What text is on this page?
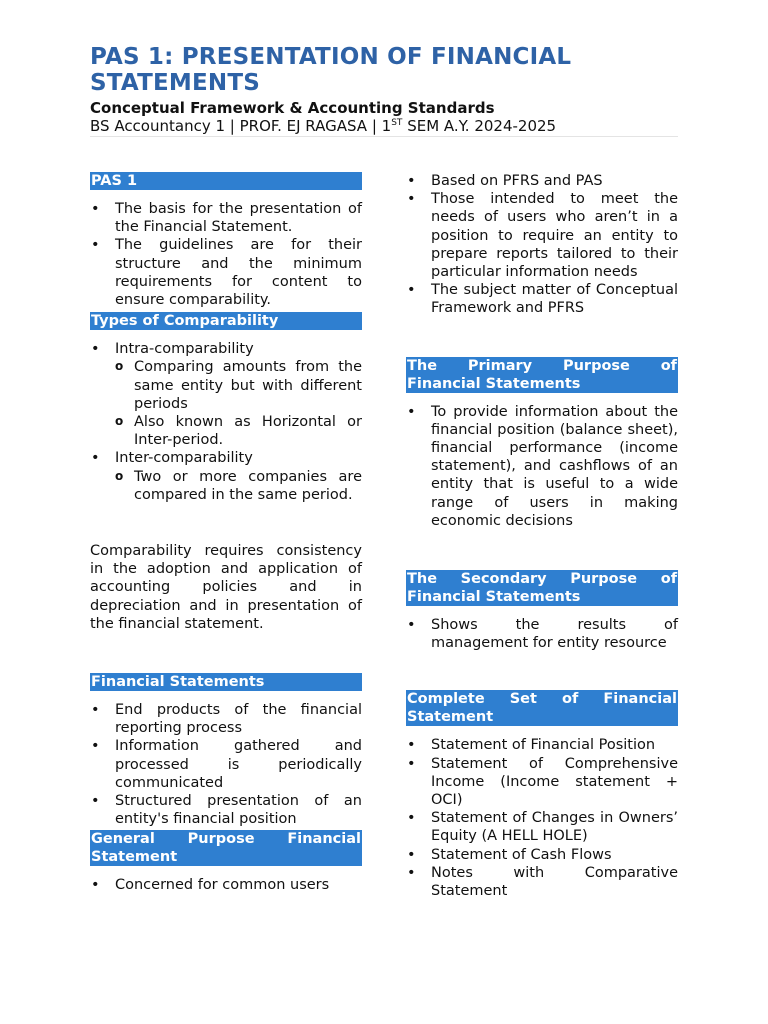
PAS 1: PRESENTATION OF FINANCIAL STATEMENTS
Conceptual Framework & Accounting Standards
BS Accountancy 1 | PROF. EJ RAGASA | 1ST SEM A.Y. 2024-2025
PAS 1
• The basis for the presentation of the Financial Statement.
• The guidelines are for their structure and the minimum requirements for content to ensure comparability.
Types of Comparability
• Intra-comparability
o Comparing amounts from the same entity but with different periods
o Also known as Horizontal or Inter-period.
• Inter-comparability
o Two or more companies are compared in the same period.
Comparability requires consistency in the adoption and application of accounting policies and in depreciation and in presentation of the financial statement.
Financial Statements
• End products of the financial reporting process
• Information gathered and processed is periodically communicated
• Structured presentation of an entity's financial position
General Purpose Financial Statement
• Concerned for common users
• Based on PFRS and PAS
• Those intended to meet the needs of users who aren’t in a position to require an entity to prepare reports tailored to their particular information needs
• The subject matter of Conceptual Framework and PFRS
The Primary Purpose of Financial Statements
• To provide information about the financial position (balance sheet), financial performance (income statement), and cashflows of an entity that is useful to a wide range of users in making economic decisions
The Secondary Purpose of Financial Statements
• Shows the results of management for entity resource
Complete Set of Financial Statement
• Statement of Financial Position
• Statement of Comprehensive Income (Income statement + OCI)
• Statement of Changes in Owners’ Equity (A HELL HOLE)
• Statement of Cash Flows
• Notes with Comparative Statement
